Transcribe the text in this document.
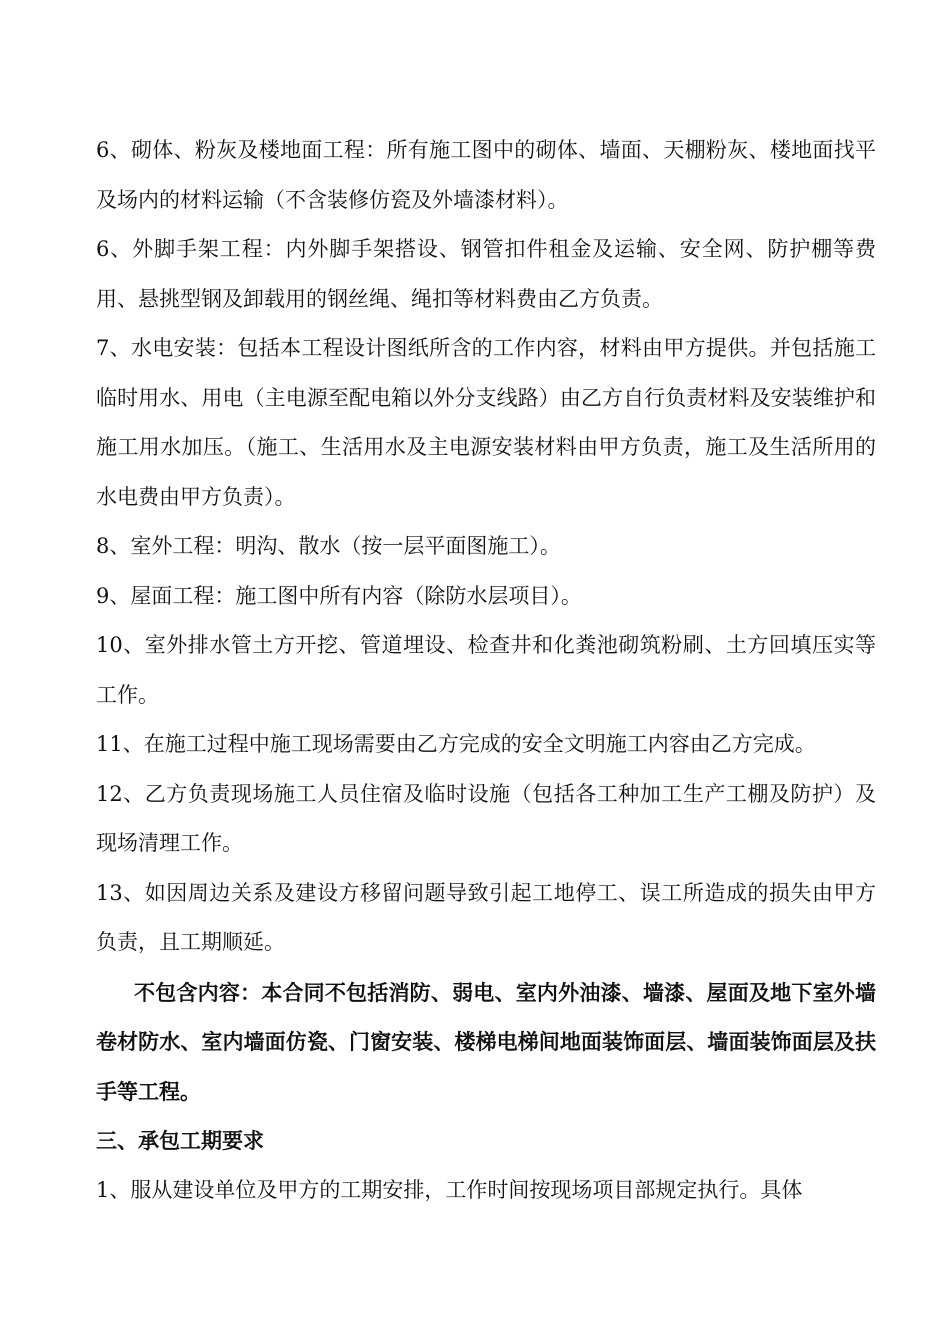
6、砌体、粉灰及楼地面工程：所有施工图中的砌体、墙面、天棚粉灰、楼地面找平及场内的材料运输（不含装修仿瓷及外墙漆材料）。

6、外脚手架工程：内外脚手架搭设、钢管扣件租金及运输、安全网、防护棚等费用、悬挑型钢及卸载用的钢丝绳、绳扣等材料费由乙方负责。

7、水电安装：包括本工程设计图纸所含的工作内容，材料由甲方提供。并包括施工临时用水、用电（主电源至配电箱以外分支线路）由乙方自行负责材料及安装维护和施工用水加压。（施工、生活用水及主电源安装材料由甲方负责，施工及生活所用的水电费由甲方负责）。

8、室外工程：明沟、散水（按一层平面图施工）。

9、屋面工程：施工图中所有内容（除防水层项目）。

10、室外排水管土方开挖、管道埋设、检查井和化粪池砌筑粉刷、土方回填压实等工作。

11、在施工过程中施工现场需要由乙方完成的安全文明施工内容由乙方完成。

12、乙方负责现场施工人员住宿及临时设施（包括各工种加工生产工棚及防护）及现场清理工作。

13、如因周边关系及建设方移留问题导致引起工地停工、误工所造成的损失由甲方负责，且工期顺延。

不包含内容：本合同不包括消防、弱电、室内外油漆、墙漆、屋面及地下室外墙卷材防水、室内墙面仿瓷、门窗安装、楼梯电梯间地面装饰面层、墙面装饰面层及扶手等工程。

三、承包工期要求

1、服从建设单位及甲方的工期安排，工作时间按现场项目部规定执行。具体
